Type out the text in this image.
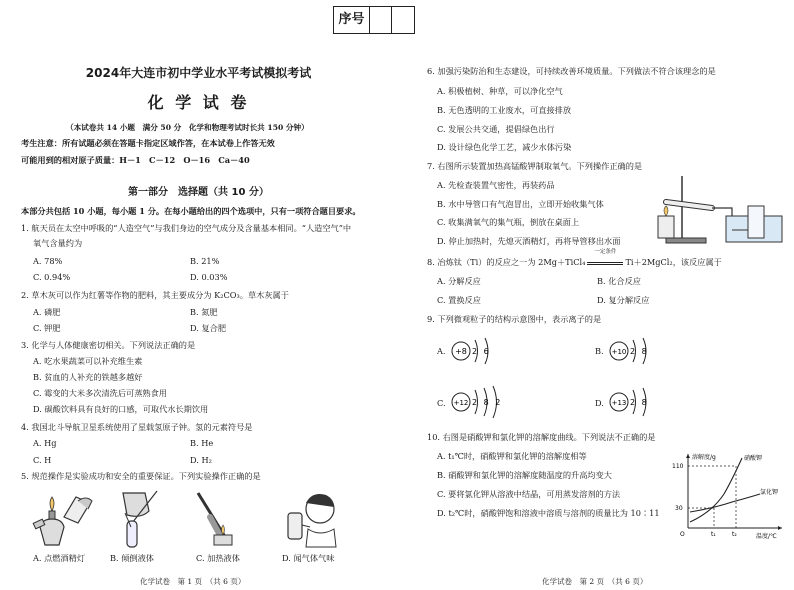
序号
2024年大连市初中学业水平考试模拟考试
化 学 试 卷
（本试卷共 14 小题　满分 50 分　化学和物理考试时长共 150 分钟）
考生注意：所有试题必须在答题卡指定区域作答，在本试卷上作答无效
可能用到的相对原子质量：H－1　C－12　O－16　Ca－40
第一部分　选择题（共 10 分）
本部分共包括 10 小题，每小题 1 分。在每小题给出的四个选项中，只有一项符合题目要求。
1. 航天员在太空中呼吸的“人造空气”与我们身边的空气成分及含量基本相同。“人造空气”中
氧气含量约为
A. 78%	B. 21%
C. 0.94%	D. 0.03%
2. 草木灰可以作为红薯等作物的肥料，其主要成分为 K₂CO₃。草木灰属于
A. 磷肥	B. 氮肥
C. 钾肥	D. 复合肥
3. 化学与人体健康密切相关。下列说法正确的是
A. 吃水果蔬菜可以补充维生素
B. 贫血的人补充的铁越多越好
C. 霉变的大米多次清洗后可蒸熟食用
D. 碳酸饮料具有良好的口感，可取代水长期饮用
4. 我国北斗导航卫星系统使用了星载氢原子钟。氢的元素符号是
A. Hg	B. He
C. H	D. H₂
5. 规范操作是实验成功和安全的重要保证。下列实验操作正确的是
A. 点燃酒精灯	B. 倾倒液体	C. 加热液体	D. 闻气体气味
化学试卷　第 1 页　（共 6 页）
6. 加强污染防治和生态建设，可持续改善环境质量。下列做法不符合该理念的是
A. 积极植树、种草，可以净化空气
B. 无色透明的工业废水，可直接排放
C. 发展公共交通，提倡绿色出行
D. 设计绿色化学工艺，减少水体污染
7. 右图所示装置加热高锰酸钾制取氧气。下列操作正确的是
A. 先检查装置气密性，再装药品
B. 水中导管口有气泡冒出，立即开始收集气体
C. 收集满氧气的集气瓶，倒放在桌面上
D. 停止加热时，先熄灭酒精灯，再将导管移出水面
8. 冶炼钛（Ti）的反应之一为 2Mg＋TiCl₄
一定条件
Ti＋2MgCl₂，该反应属于
A. 分解反应	B. 化合反应
C. 置换反应	D. 复分解反应
9. 下列微观粒子的结构示意图中，表示离子的是
A. +8 2 6	B. +10 2 8
C. +12 2 8 2	D. +13 2 8
10. 右图是硝酸钾和氯化钾的溶解度曲线。下列说法不正确的是
A. t₁℃时，硝酸钾和氯化钾的溶解度相等
B. 硝酸钾和氯化钾的溶解度随温度的升高均变大
C. 要将氯化钾从溶液中结晶，可用蒸发溶剂的方法
D. t₂℃时，硝酸钾饱和溶液中溶质与溶剂的质量比为 10∶11
溶解度/g
温度/℃
O
110
30
t₁	t₂
硝酸钾
氯化钾
化学试卷　第 2 页　（共 6 页）
